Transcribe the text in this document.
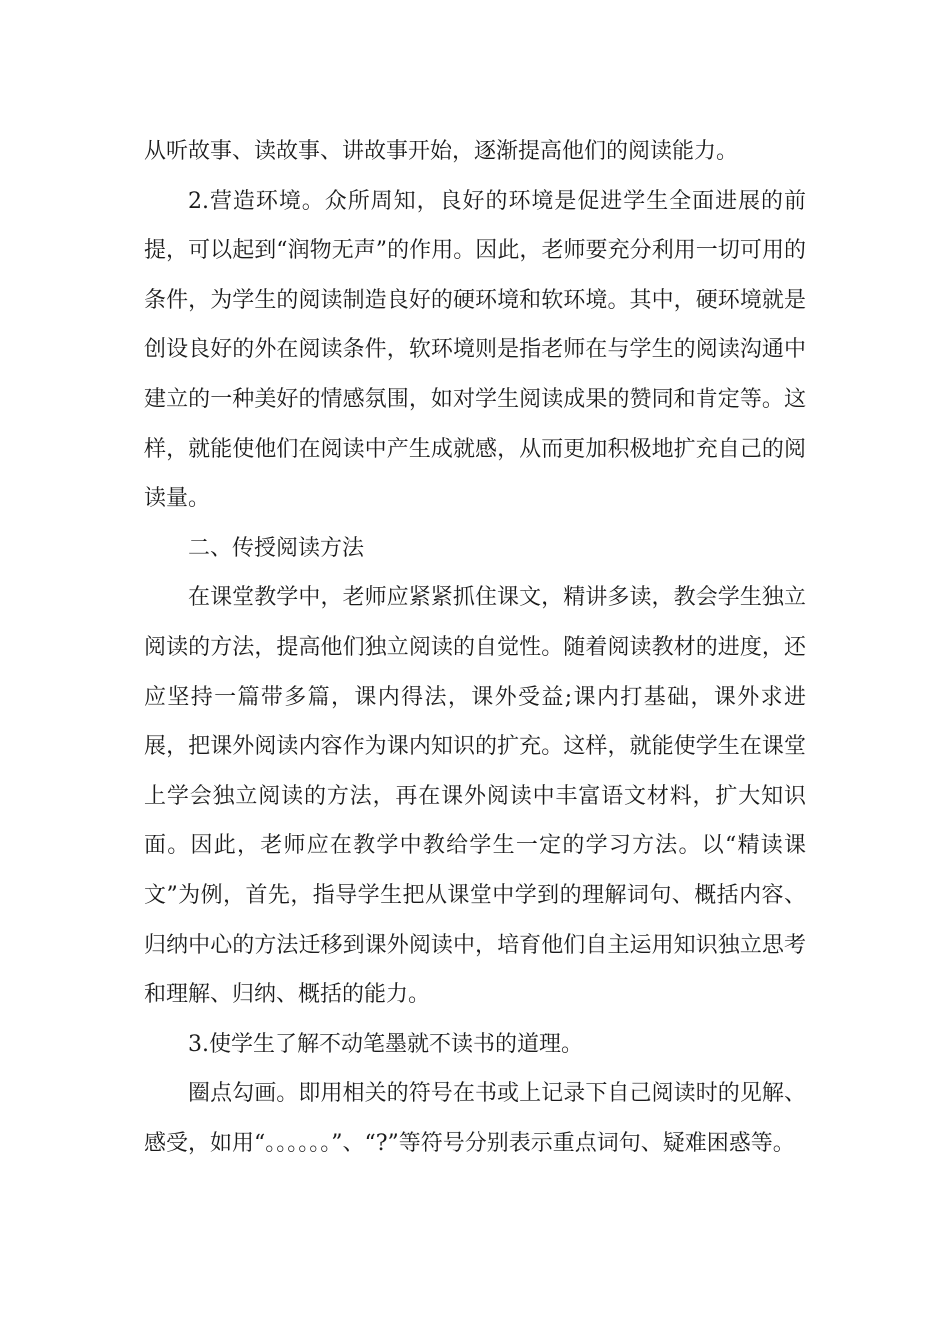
从听故事、读故事、讲故事开始，逐渐提高他们的阅读能力。

2.营造环境。众所周知，良好的环境是促进学生全面进展的前提，可以起到“润物无声”的作用。因此，老师要充分利用一切可用的条件，为学生的阅读制造良好的硬环境和软环境。其中，硬环境就是创设良好的外在阅读条件，软环境则是指老师在与学生的阅读沟通中建立的一种美好的情感氛围，如对学生阅读成果的赞同和肯定等。这样，就能使他们在阅读中产生成就感，从而更加积极地扩充自己的阅读量。

二、传授阅读方法

在课堂教学中，老师应紧紧抓住课文，精讲多读，教会学生独立阅读的方法，提高他们独立阅读的自觉性。随着阅读教材的进度，还应坚持一篇带多篇，课内得法，课外受益;课内打基础，课外求进展，把课外阅读内容作为课内知识的扩充。这样，就能使学生在课堂上学会独立阅读的方法，再在课外阅读中丰富语文材料，扩大知识面。因此，老师应在教学中教给学生一定的学习方法。以“精读课文”为例，首先，指导学生把从课堂中学到的理解词句、概括内容、归纳中心的方法迁移到课外阅读中，培育他们自主运用知识独立思考和理解、归纳、概括的能力。

3.使学生了解不动笔墨就不读书的道理。

圈点勾画。即用相关的符号在书或上记录下自己阅读时的见解、感受，如用“。。。。。。”、“?”等符号分别表示重点词句、疑难困惑等。
